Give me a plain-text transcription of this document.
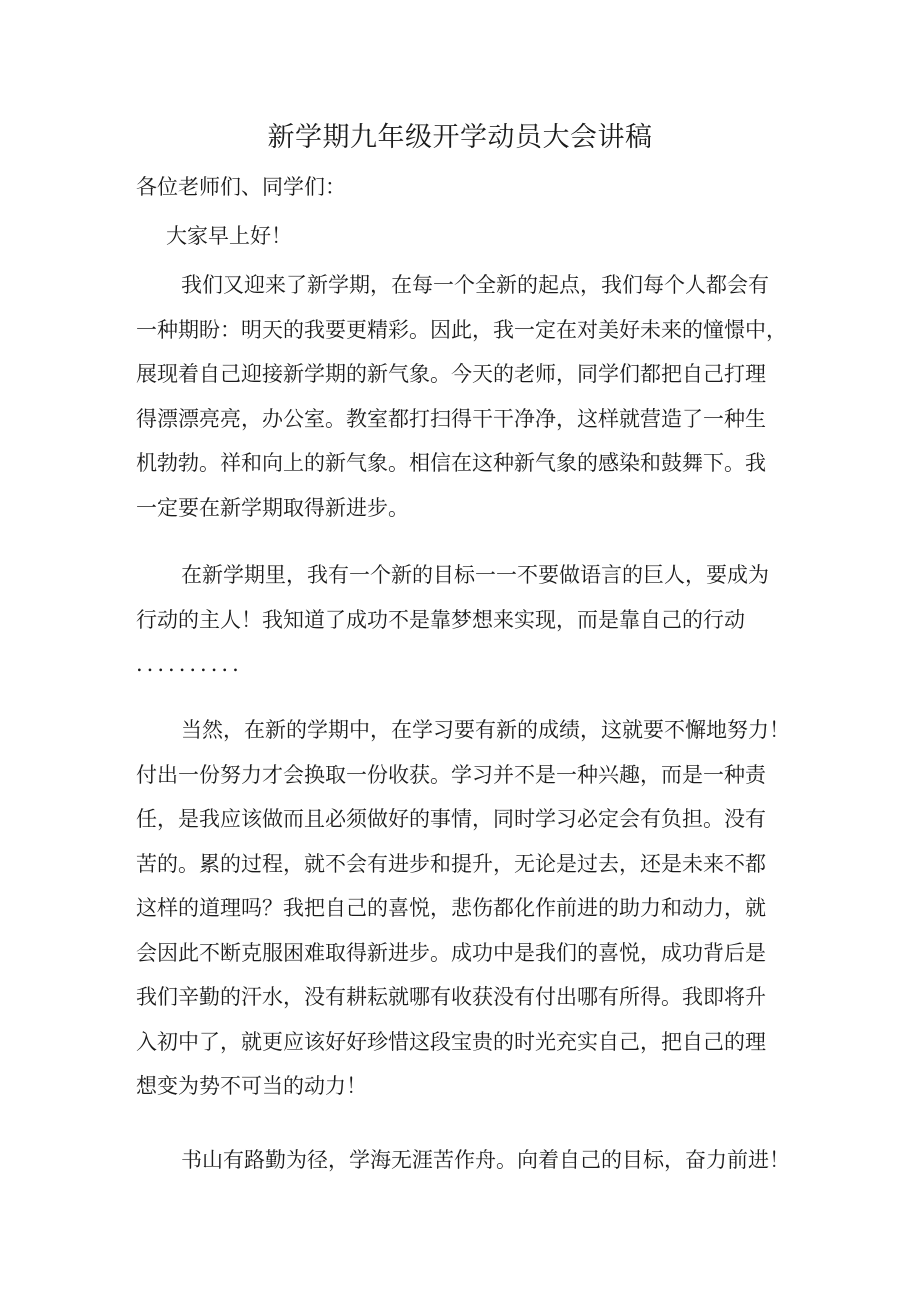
新学期九年级开学动员大会讲稿

各位老师们、同学们：

大家早上好！

我们又迎来了新学期，在每一个全新的起点，我们每个人都会有
一种期盼：明天的我要更精彩。因此，我一定在对美好未来的憧憬中，
展现着自己迎接新学期的新气象。今天的老师，同学们都把自己打理
得漂漂亮亮，办公室。教室都打扫得干干净净，这样就营造了一种生
机勃勃。祥和向上的新气象。相信在这种新气象的感染和鼓舞下。我
一定要在新学期取得新进步。
在新学期里，我有一个新的目标一一不要做语言的巨人，要成为
行动的主人！我知道了成功不是靠梦想来实现，而是靠自己的行动
..........
当然，在新的学期中，在学习要有新的成绩，这就要不懈地努力！
付出一份努力才会换取一份收获。学习并不是一种兴趣，而是一种责
任，是我应该做而且必须做好的事情，同时学习必定会有负担。没有
苦的。累的过程，就不会有进步和提升，无论是过去，还是未来不都
这样的道理吗？我把自己的喜悦，悲伤都化作前进的助力和动力，就
会因此不断克服困难取得新进步。成功中是我们的喜悦，成功背后是
我们辛勤的汗水，没有耕耘就哪有收获没有付出哪有所得。我即将升
入初中了，就更应该好好珍惜这段宝贵的时光充实自己，把自己的理
想变为势不可当的动力！
书山有路勤为径，学海无涯苦作舟。向着自己的目标，奋力前进！
